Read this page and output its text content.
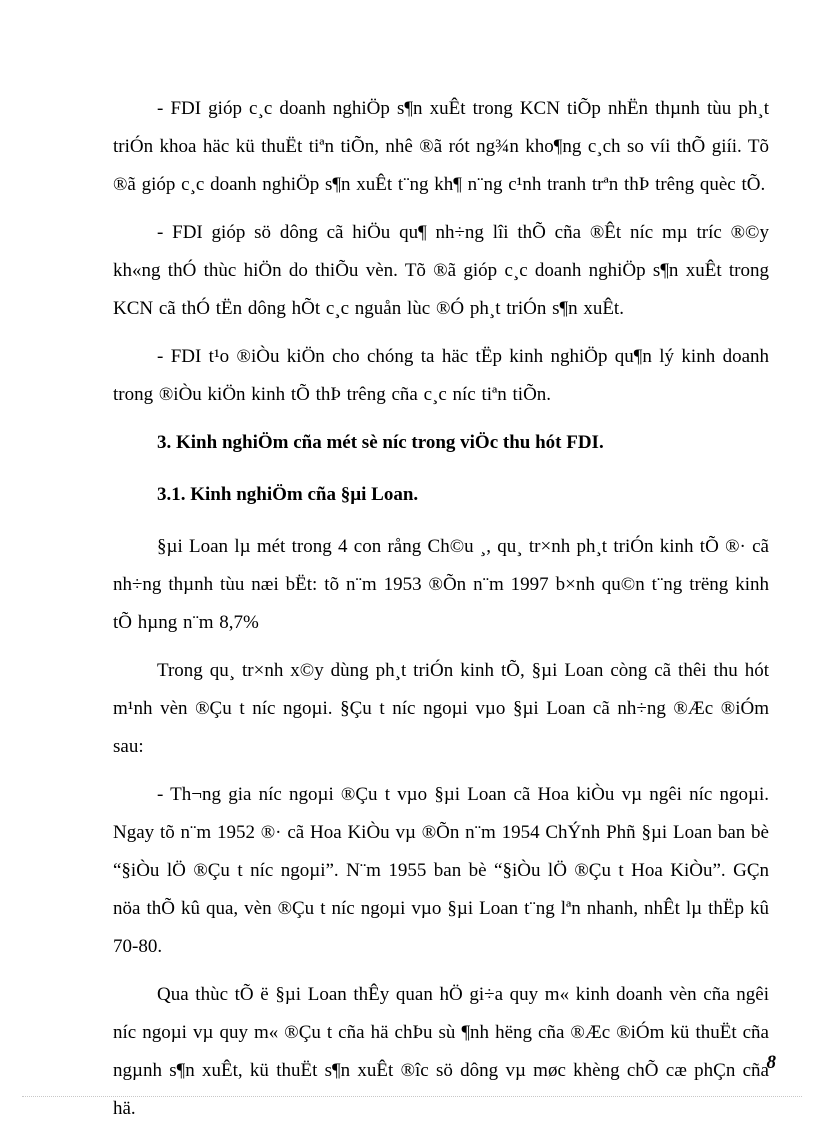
- FDI gióp c¸c doanh nghiÖp s¶n xuÊt trong KCN tiÕp nhËn thµnh tùu ph¸t triÓn khoa häc kü thuËt tiªn tiÕn, nhê ®ã rót ng¾n kho¶ng c¸ch so víi thÕ giíi. Tõ ®ã gióp c¸c doanh nghiÖp s¶n xuÊt t¨ng kh¶ n¨ng c¹nh tranh trªn thÞ trêng quèc tÕ.

- FDI gióp sö dông cã hiÖu qu¶ nh÷ng lîi thÕ cña ®Êt níc mµ tríc ®©y kh«ng thÓ thùc hiÖn do thiÕu vèn. Tõ ®ã gióp c¸c doanh nghiÖp s¶n xuÊt trong KCN cã thÓ tËn dông hÕt c¸c nguån lùc ®Ó ph¸t triÓn s¶n xuÊt.

- FDI t¹o ®iÒu kiÖn cho chóng ta häc tËp kinh nghiÖp qu¶n lý kinh doanh trong ®iÒu kiÖn kinh tÕ thÞ trêng cña c¸c níc tiªn tiÕn.

3. Kinh nghiÖm cña mét sè níc trong viÖc thu hót FDI.
3.1. Kinh nghiÖm cña §µi Loan.

§µi Loan lµ mét trong 4 con rång Ch©u ¸, qu¸ tr×nh ph¸t triÓn kinh tÕ ®· cã nh÷ng thµnh tùu næi bËt: tõ n¨m 1953 ®Õn n¨m 1997 b×nh qu©n t¨ng trëng kinh tÕ hµng n¨m 8,7%

Trong qu¸ tr×nh x©y dùng ph¸t triÓn kinh tÕ, §µi Loan còng cã thêi thu hót m¹nh vèn ®Çu t níc ngoµi. §Çu t níc ngoµi vµo §µi Loan cã nh÷ng ®Æc ®iÓm sau:

- Th¬ng gia níc ngoµi ®Çu t vµo §µi Loan cã Hoa kiÒu vµ ngêi níc ngoµi. Ngay tõ n¨m 1952 ®· cã Hoa KiÒu vµ ®Õn n¨m 1954 ChÝnh Phñ §µi Loan ban bè “§iÒu lÖ ®Çu t níc ngoµi”. N¨m 1955 ban bè “§iÒu lÖ ®Çu t Hoa KiÒu”. GÇn nöa thÕ kû qua, vèn ®Çu t níc ngoµi vµo §µi Loan t¨ng lªn nhanh, nhÊt lµ thËp kû 70-80.

Qua thùc tÕ ë §µi Loan thÊy quan hÖ gi÷a quy m« kinh doanh vèn cña ngêi níc ngoµi vµ quy m« ®Çu t cña hä chÞu sù ¶nh hëng cña ®Æc ®iÓm kü thuËt cña ngµnh s¶n xuÊt, kü thuËt s¶n xuÊt ®îc sö dông vµ møc khèng chÕ cæ phÇn cña hä.

8
